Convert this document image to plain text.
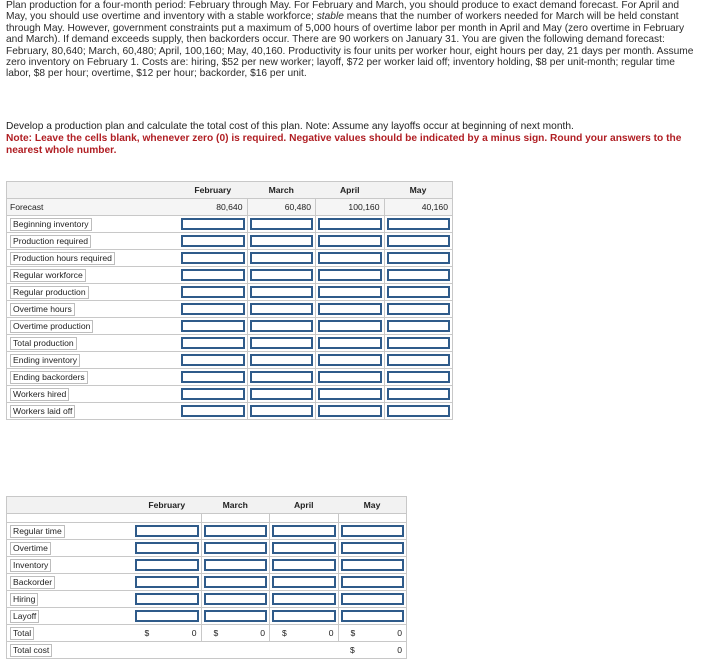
Plan production for a four-month period: February through May. For February and March, you should produce to exact demand forecast. For April and May, you should use overtime and inventory with a stable workforce; stable means that the number of workers needed for March will be held constant through May. However, government constraints put a maximum of 5,000 hours of overtime labor per month in April and May (zero overtime in February and March). If demand exceeds supply, then backorders occur. There are 90 workers on January 31. You are given the following demand forecast: February, 80,640; March, 60,480; April, 100,160; May, 40,160. Productivity is four units per worker hour, eight hours per day, 21 days per month. Assume zero inventory on February 1. Costs are: hiring, $52 per new worker; layoff, $72 per worker laid off; inventory holding, $8 per unit-month; regular time labor, $8 per hour; overtime, $12 per hour; backorder, $16 per unit.

Develop a production plan and calculate the total cost of this plan. Note: Assume any layoffs occur at beginning of next month.

Note: Leave the cells blank, whenever zero (0) is required. Negative values should be indicated by a minus sign. Round your answers to the nearest whole number.

	February	March	April	May
Forecast	80,640	60,480	100,160	40,160
Beginning inventory	

Production required	

Production hours required	

Regular workforce	

Regular production	

Overtime hours	

Overtime production	

Total production	

Ending inventory	

Ending backorders	

Workers hired	

Workers laid off	

	February	March	April	May

Regular time	

Overtime	

Inventory	

Backorder	

Hiring	

Layoff	

Total	$ 0	$ 0	$ 0	$ 0

Total cost				$ 0
